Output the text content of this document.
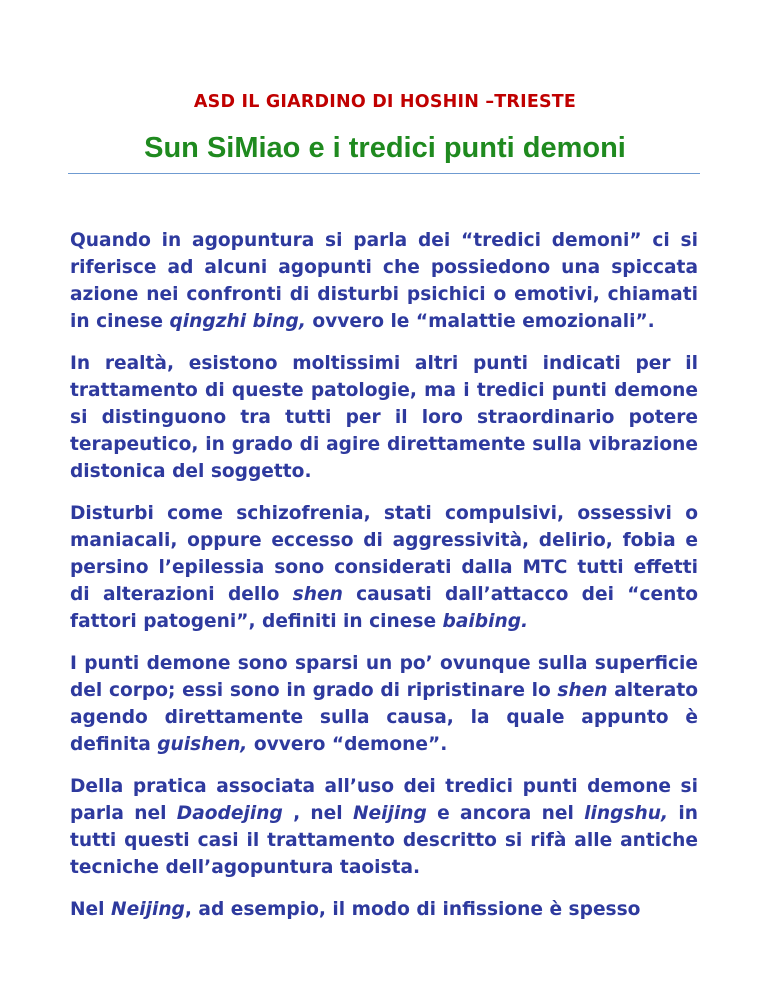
ASD IL GIARDINO DI HOSHIN –TRIESTE
Sun SiMiao e i tredici punti demoni

Quando in agopuntura si parla dei “tredici demoni” ci si riferisce ad alcuni agopunti che possiedono una spiccata azione nei confronti di disturbi psichici o emotivi, chiamati in cinese qingzhi bing, ovvero le “malattie emozionali”.

In realtà, esistono moltissimi altri punti indicati per il trattamento di queste patologie, ma i tredici punti demone si distinguono tra tutti per il loro straordinario potere terapeutico, in grado di agire direttamente sulla vibrazione distonica del soggetto.

Disturbi come schizofrenia, stati compulsivi, ossessivi o maniacali, oppure eccesso di aggressività, delirio, fobia e persino l’epilessia sono considerati dalla MTC tutti effetti di alterazioni dello shen causati dall’attacco dei “cento fattori patogeni”, definiti in cinese baibing.

I punti demone sono sparsi un po’ ovunque sulla superficie del corpo; essi sono in grado di ripristinare lo shen alterato agendo direttamente sulla causa, la quale appunto è definita guishen, ovvero “demone”.

Della pratica associata all’uso dei tredici punti demone si parla nel Daodejing , nel Neijing e ancora nel lingshu, in tutti questi casi il trattamento descritto si rifà alle antiche tecniche dell’agopuntura taoista.

Nel Neijing, ad esempio, il modo di infissione è spesso
